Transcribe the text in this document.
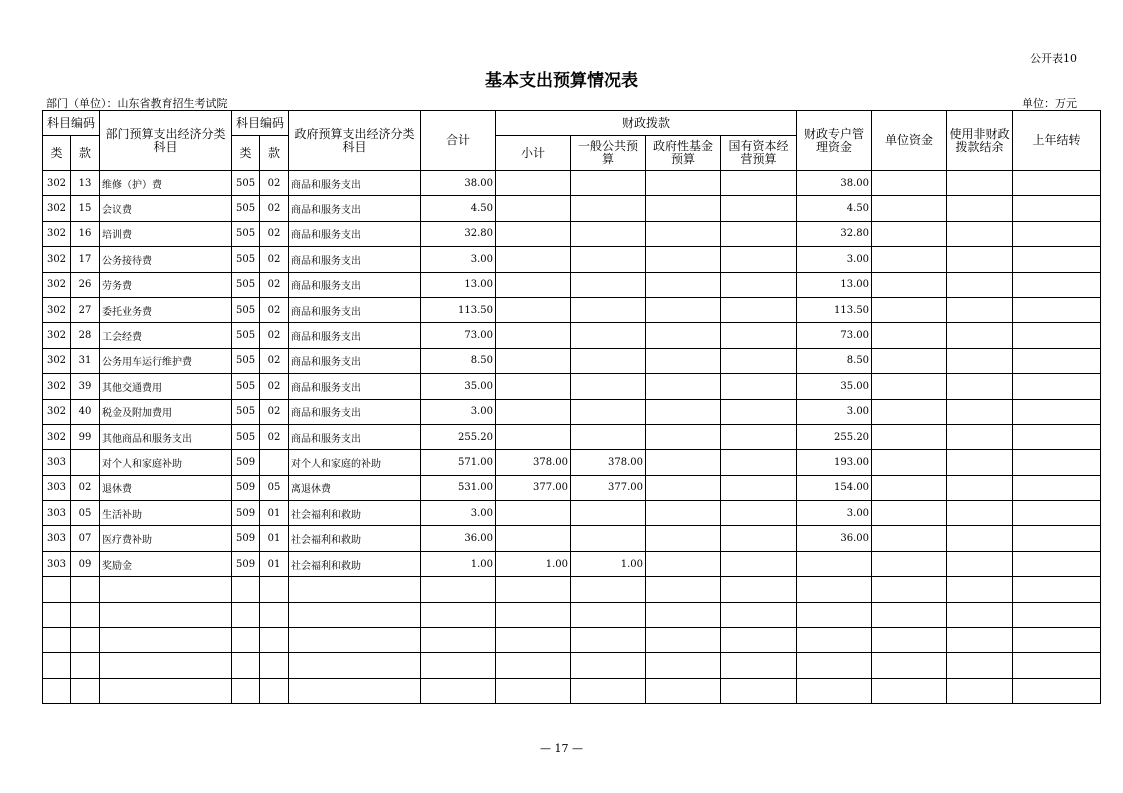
公开表10
基本支出预算情况表
部门（单位）：山东省教育招生考试院	单位：万元
科目编码		部门预算支出经济分类科目	科目编码		政府预算支出经济分类科目	合计	财政拨款				财政专户管理资金	单位资金	使用非财政拨款结余	上年结转
类	款		类	款			小计	一般公共预算	政府性基金预算	国有资本经营预算				
302	13	维修（护）费	505	02	商品和服务支出	38.00					38.00			
302	15	会议费	505	02	商品和服务支出	4.50					4.50			
302	16	培训费	505	02	商品和服务支出	32.80					32.80			
302	17	公务接待费	505	02	商品和服务支出	3.00					3.00			
302	26	劳务费	505	02	商品和服务支出	13.00					13.00			
302	27	委托业务费	505	02	商品和服务支出	113.50					113.50			
302	28	工会经费	505	02	商品和服务支出	73.00					73.00			
302	31	公务用车运行维护费	505	02	商品和服务支出	8.50					8.50			
302	39	其他交通费用	505	02	商品和服务支出	35.00					35.00			
302	40	税金及附加费用	505	02	商品和服务支出	3.00					3.00			
302	99	其他商品和服务支出	505	02	商品和服务支出	255.20					255.20			
303		对个人和家庭补助	509		对个人和家庭的补助	571.00	378.00	378.00			193.00			
303	02	退休费	509	05	离退休费	531.00	377.00	377.00			154.00			
303	05	生活补助	509	01	社会福利和救助	3.00					3.00			
303	07	医疗费补助	509	01	社会福利和救助	36.00					36.00			
303	09	奖励金	509	01	社会福利和救助	1.00	1.00	1.00						

— 17 —
